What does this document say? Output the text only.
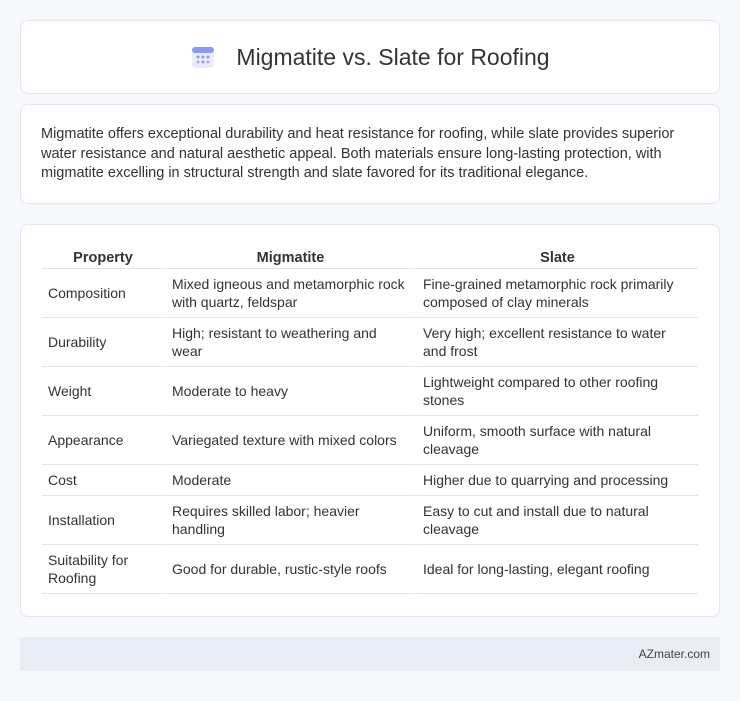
Migmatite vs. Slate for Roofing

Migmatite offers exceptional durability and heat resistance for roofing, while slate provides superior water resistance and natural aesthetic appeal. Both materials ensure long-lasting protection, with migmatite excelling in structural strength and slate favored for its traditional elegance.

Property	Migmatite	Slate
Composition	Mixed igneous and metamorphic rock with quartz, feldspar	Fine-grained metamorphic rock primarily composed of clay minerals
Durability	High; resistant to weathering and wear	Very high; excellent resistance to water and frost
Weight	Moderate to heavy	Lightweight compared to other roofing stones
Appearance	Variegated texture with mixed colors	Uniform, smooth surface with natural cleavage
Cost	Moderate	Higher due to quarrying and processing
Installation	Requires skilled labor; heavier handling	Easy to cut and install due to natural cleavage
Suitability for Roofing	Good for durable, rustic-style roofs	Ideal for long-lasting, elegant roofing
AZmater.com
